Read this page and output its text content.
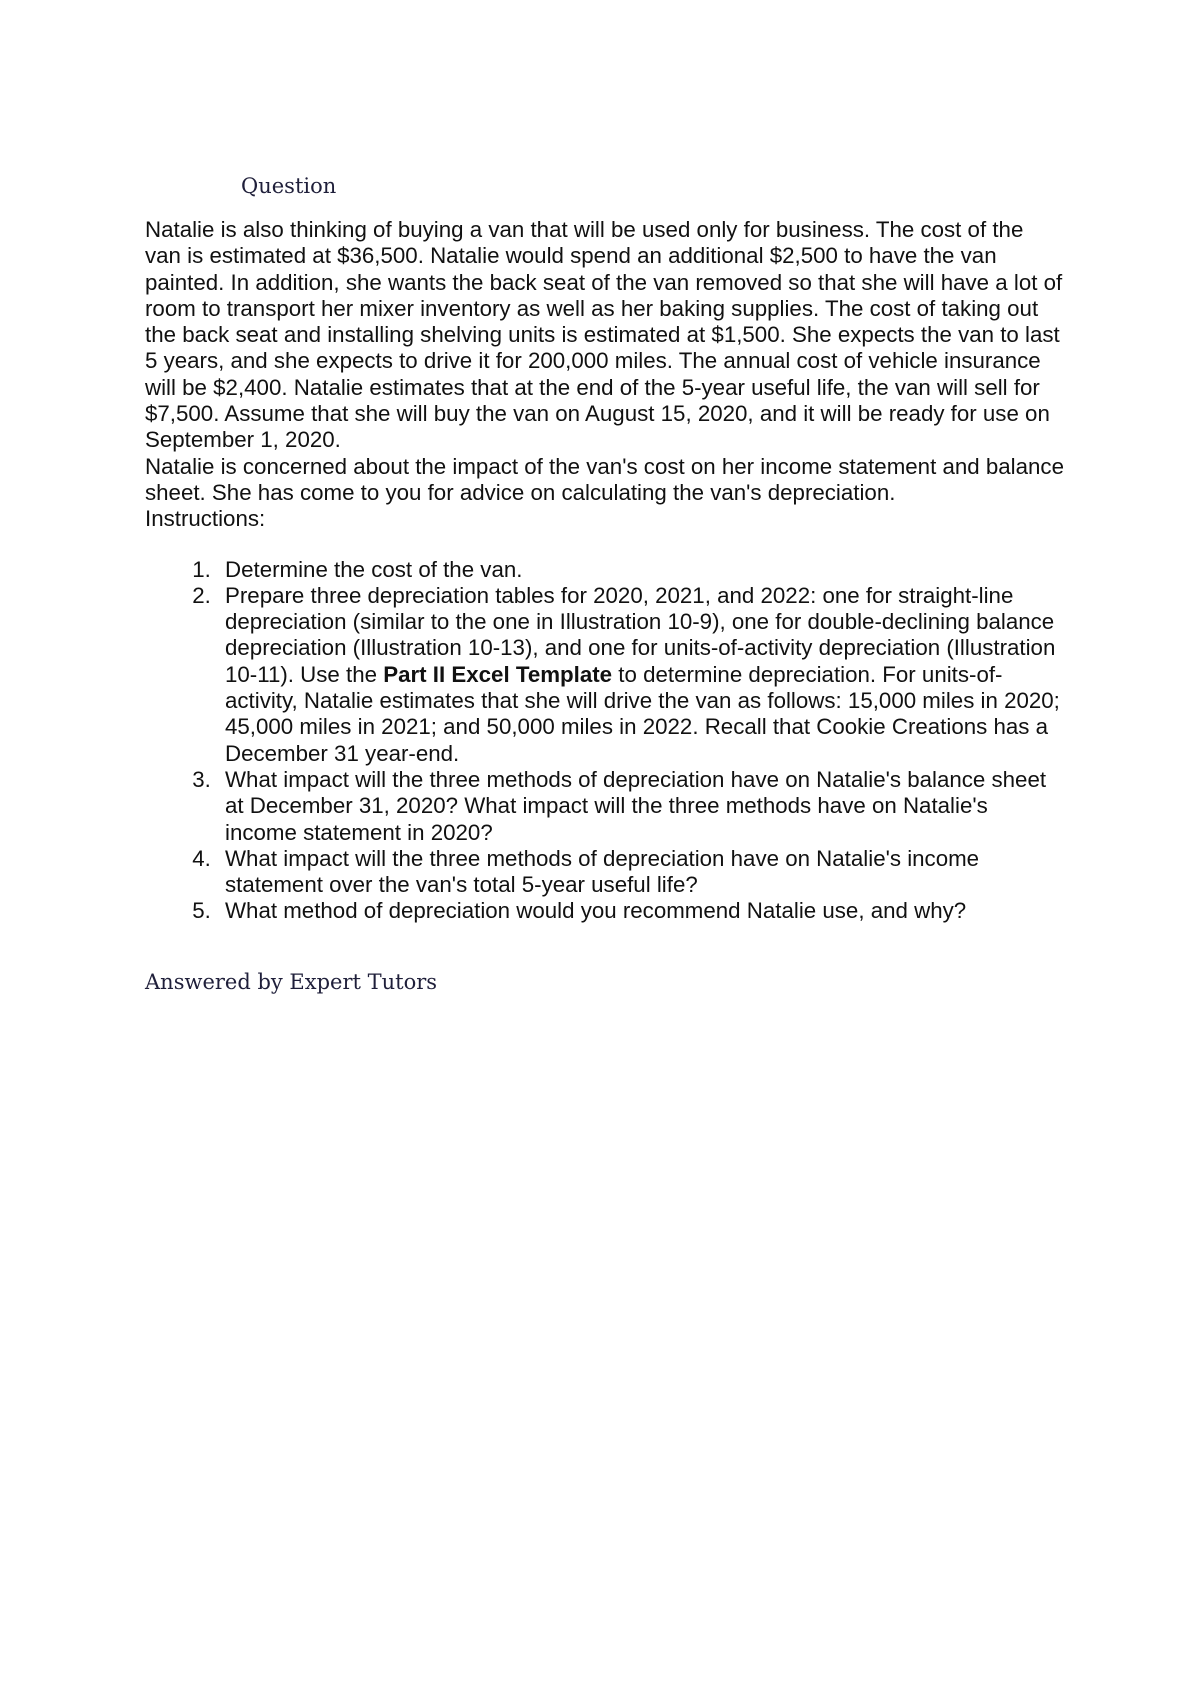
Question

Natalie is also thinking of buying a van that will be used only for business. The cost of the van is estimated at $36,500. Natalie would spend an additional $2,500 to have the van painted. In addition, she wants the back seat of the van removed so that she will have a lot of room to transport her mixer inventory as well as her baking supplies. The cost of taking out the back seat and installing shelving units is estimated at $1,500. She expects the van to last 5 years, and she expects to drive it for 200,000 miles. The annual cost of vehicle insurance will be $2,400. Natalie estimates that at the end of the 5-year useful life, the van will sell for $7,500. Assume that she will buy the van on August 15, 2020, and it will be ready for use on September 1, 2020.

Natalie is concerned about the impact of the van's cost on her income statement and balance sheet. She has come to you for advice on calculating the van's depreciation.

Instructions:

1. Determine the cost of the van.
2. Prepare three depreciation tables for 2020, 2021, and 2022: one for straight-line depreciation (similar to the one in Illustration 10-9), one for double-declining balance depreciation (Illustration 10-13), and one for units-of-activity depreciation (Illustration 10-11). Use the Part II Excel Template to determine depreciation. For units-of-activity, Natalie estimates that she will drive the van as follows: 15,000 miles in 2020; 45,000 miles in 2021; and 50,000 miles in 2022. Recall that Cookie Creations has a December 31 year-end.
3. What impact will the three methods of depreciation have on Natalie's balance sheet at December 31, 2020? What impact will the three methods have on Natalie's income statement in 2020?
4. What impact will the three methods of depreciation have on Natalie's income statement over the van's total 5-year useful life?
5. What method of depreciation would you recommend Natalie use, and why?

Answered by Expert Tutors
